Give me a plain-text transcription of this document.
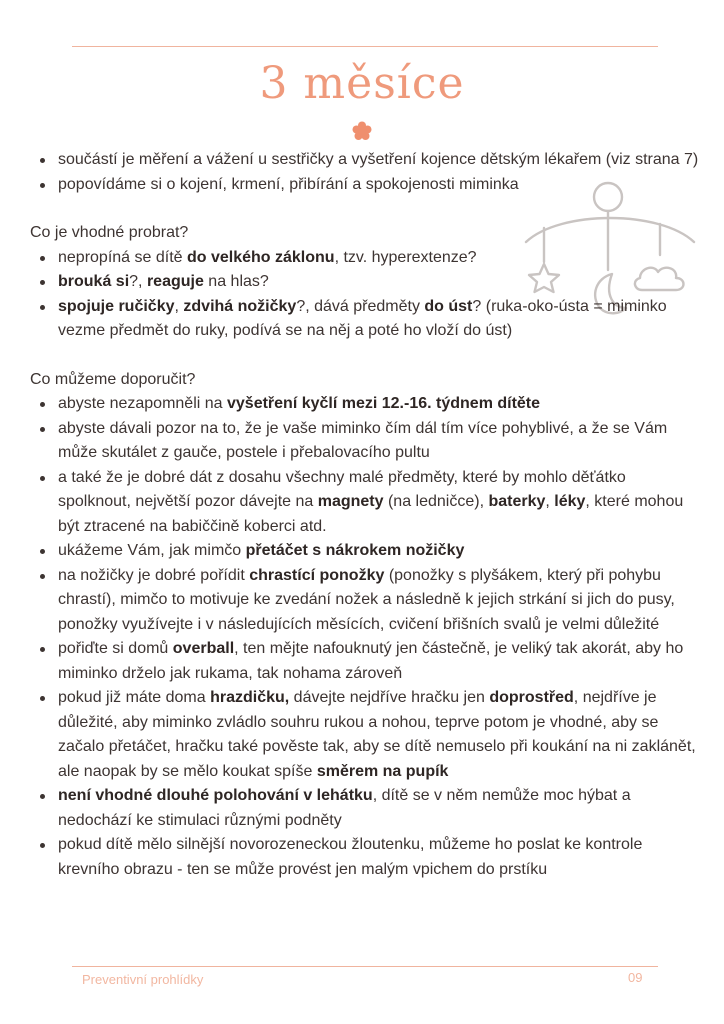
3 měsíce
součástí je měření a vážení u sestřičky a vyšetření kojence dětským lékařem (viz strana 7)
popovídáme si o kojení, krmení, přibírání a spokojenosti miminka
Co je vhodné probrat?
nepropíná se dítě do velkého záklonu, tzv. hyperextenze?
brouká si?, reaguje na hlas?
spojuje ručičky, zdvihá nožičky?, dává předměty do úst? (ruka-oko-ústa = miminko vezme předmět do ruky, podívá se na něj a poté ho vloží do úst)
Co můžeme doporučit?
abyste nezapomněli na vyšetření kyčlí mezi 12.-16. týdnem dítěte
abyste dávali pozor na to, že je vaše miminko čím dál tím více pohyblivé, a že se Vám může skutálet z gauče, postele i přebalovacího pultu
a také že je dobré dát z dosahu všechny malé předměty, které by mohlo děťátko spolknout, největší pozor dávejte na magnety (na ledničce), baterky, léky, které mohou být ztracené na babiččině koberci atd.
ukážeme Vám, jak mimčo přetáčet s nákrokem nožičky
na nožičky je dobré pořídit chrastící ponožky (ponožky s plyšákem, který při pohybu chrastí), mimčo to motivuje ke zvedání nožek a následně k jejich strkání si jich do pusy, ponožky využívejte i v následujících měsících, cvičení břišních svalů je velmi důležité
pořiďte si domů overball, ten mějte nafouknutý jen částečně, je veliký tak akorát, aby ho miminko drželo jak rukama, tak nohama zároveň
pokud již máte doma hrazdičku, dávejte nejdříve hračku jen doprostřed, nejdříve je důležité, aby miminko zvládlo souhru rukou a nohou, teprve potom je vhodné, aby se začalo přetáčet, hračku také pověste tak, aby se dítě nemuselo při koukání na ni zaklánět, ale naopak by se mělo koukat spíše směrem na pupík
není vhodné dlouhé polohování v lehátku, dítě se v něm nemůže moc hýbat a nedochází ke stimulaci různými podněty
pokud dítě mělo silnější novorozeneckou žloutenku, můžeme ho poslat ke kontrole krevního obrazu - ten se může provést jen malým vpichem do prstíku
Preventivní prohlídky	09
